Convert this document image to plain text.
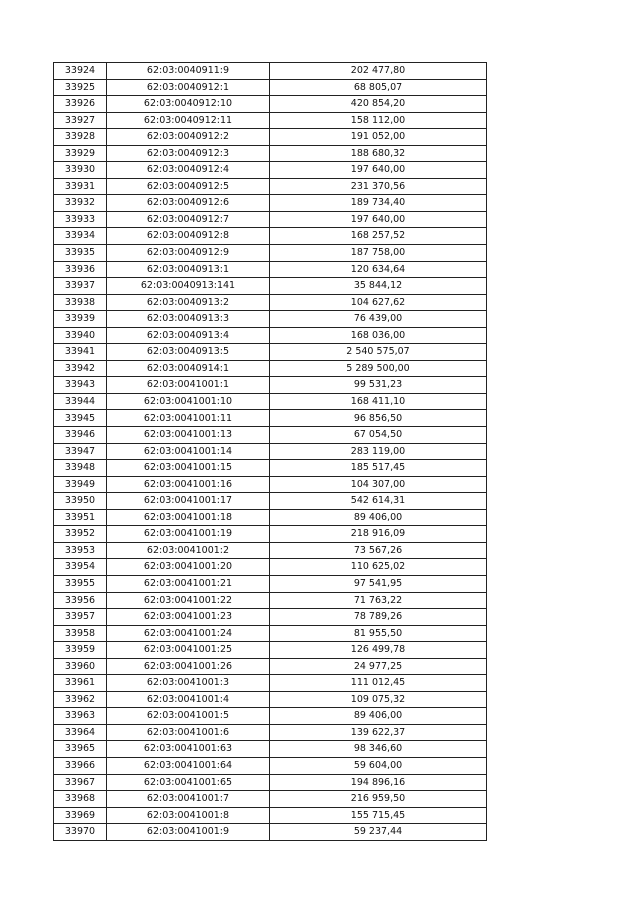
33924	62:03:0040911:9	202 477,80
33925	62:03:0040912:1	68 805,07
33926	62:03:0040912:10	420 854,20
33927	62:03:0040912:11	158 112,00
33928	62:03:0040912:2	191 052,00
33929	62:03:0040912:3	188 680,32
33930	62:03:0040912:4	197 640,00
33931	62:03:0040912:5	231 370,56
33932	62:03:0040912:6	189 734,40
33933	62:03:0040912:7	197 640,00
33934	62:03:0040912:8	168 257,52
33935	62:03:0040912:9	187 758,00
33936	62:03:0040913:1	120 634,64
33937	62:03:0040913:141	35 844,12
33938	62:03:0040913:2	104 627,62
33939	62:03:0040913:3	76 439,00
33940	62:03:0040913:4	168 036,00
33941	62:03:0040913:5	2 540 575,07
33942	62:03:0040914:1	5 289 500,00
33943	62:03:0041001:1	99 531,23
33944	62:03:0041001:10	168 411,10
33945	62:03:0041001:11	96 856,50
33946	62:03:0041001:13	67 054,50
33947	62:03:0041001:14	283 119,00
33948	62:03:0041001:15	185 517,45
33949	62:03:0041001:16	104 307,00
33950	62:03:0041001:17	542 614,31
33951	62:03:0041001:18	89 406,00
33952	62:03:0041001:19	218 916,09
33953	62:03:0041001:2	73 567,26
33954	62:03:0041001:20	110 625,02
33955	62:03:0041001:21	97 541,95
33956	62:03:0041001:22	71 763,22
33957	62:03:0041001:23	78 789,26
33958	62:03:0041001:24	81 955,50
33959	62:03:0041001:25	126 499,78
33960	62:03:0041001:26	24 977,25
33961	62:03:0041001:3	111 012,45
33962	62:03:0041001:4	109 075,32
33963	62:03:0041001:5	89 406,00
33964	62:03:0041001:6	139 622,37
33965	62:03:0041001:63	98 346,60
33966	62:03:0041001:64	59 604,00
33967	62:03:0041001:65	194 896,16
33968	62:03:0041001:7	216 959,50
33969	62:03:0041001:8	155 715,45
33970	62:03:0041001:9	59 237,44
